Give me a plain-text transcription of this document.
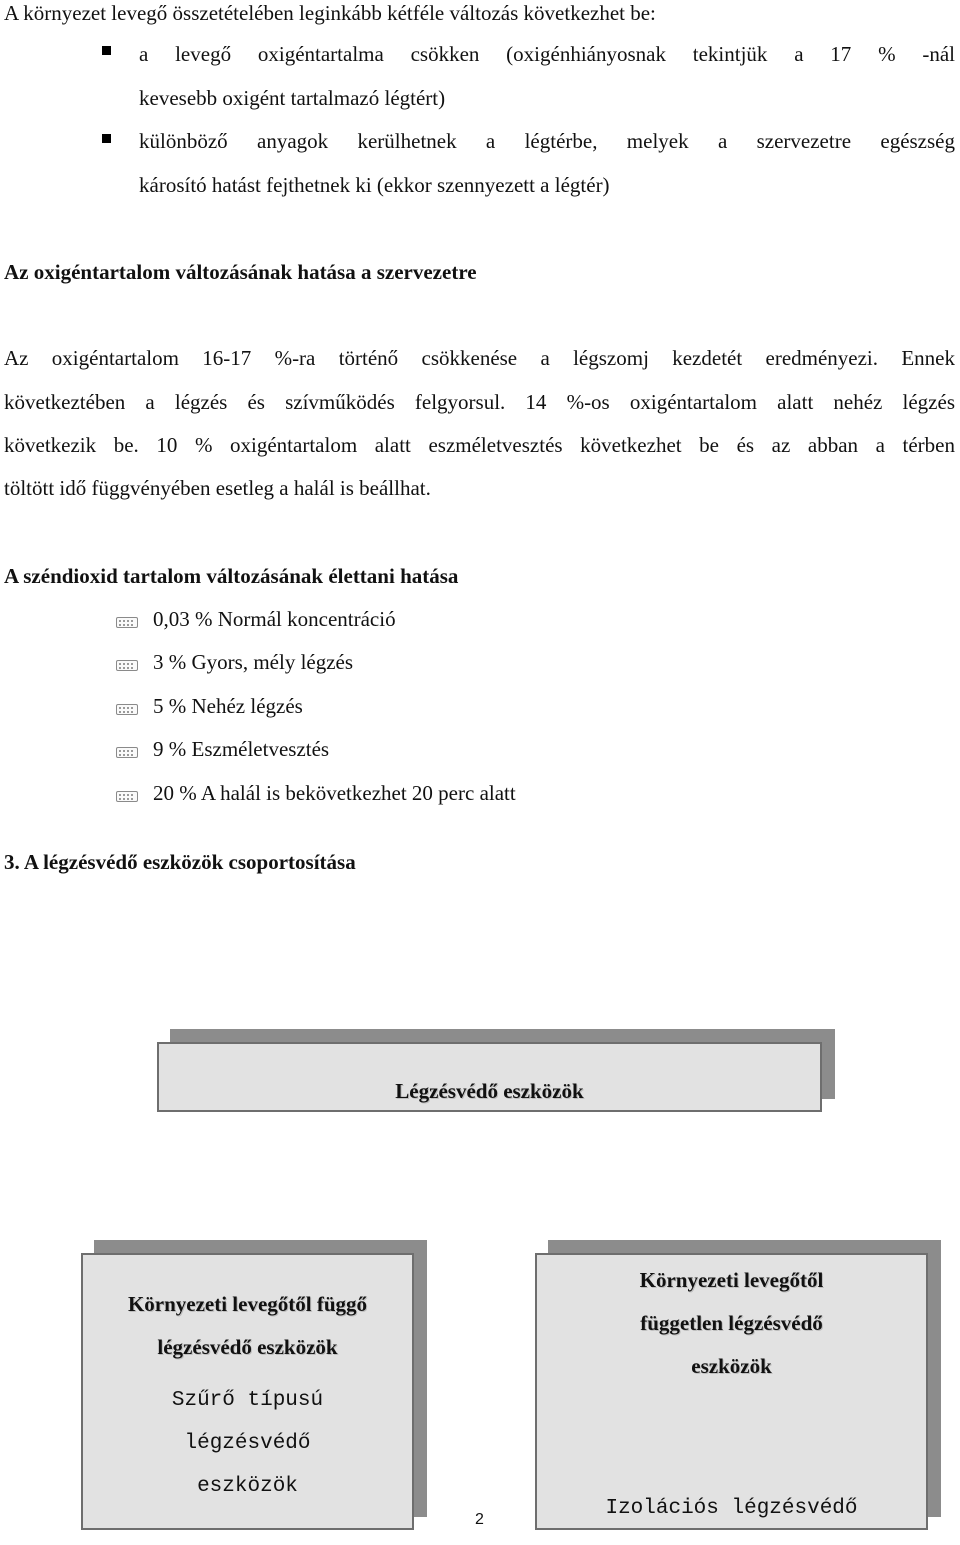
A környezet levegő összetételében leginkább kétféle változás következhet be:
a levegő oxigéntartalma csökken (oxigénhiányosnak tekintjük a 17 % -nál
kevesebb oxigént tartalmazó légtért)
különböző anyagok kerülhetnek a légtérbe, melyek a szervezetre egészség
károsító hatást fejthetnek ki (ekkor szennyezett a légtér)
Az oxigéntartalom változásának hatása a szervezetre
Az oxigéntartalom 16-17 %-ra történő csökkenése a légszomj kezdetét eredményezi. Ennek
következtében a légzés és szívműködés felgyorsul. 14 %-os oxigéntartalom alatt nehéz légzés
következik be. 10 % oxigéntartalom alatt eszméletvesztés következhet be és az abban a térben
töltött idő függvényében esetleg a halál is beállhat.
A széndioxid tartalom változásának élettani hatása
0,03 % Normál koncentráció
3 % Gyors, mély légzés
5 % Nehéz légzés
9 % Eszméletvesztés
20 % A halál is bekövetkezhet 20 perc alatt
3. A légzésvédő eszközök csoportosítása
Légzésvédő eszközök
Környezeti levegőtől függő
légzésvédő eszközök
Szűrő típusú
légzésvédő
eszközök
Környezeti levegőtől
független légzésvédő
eszközök
Izolációs légzésvédő
2
